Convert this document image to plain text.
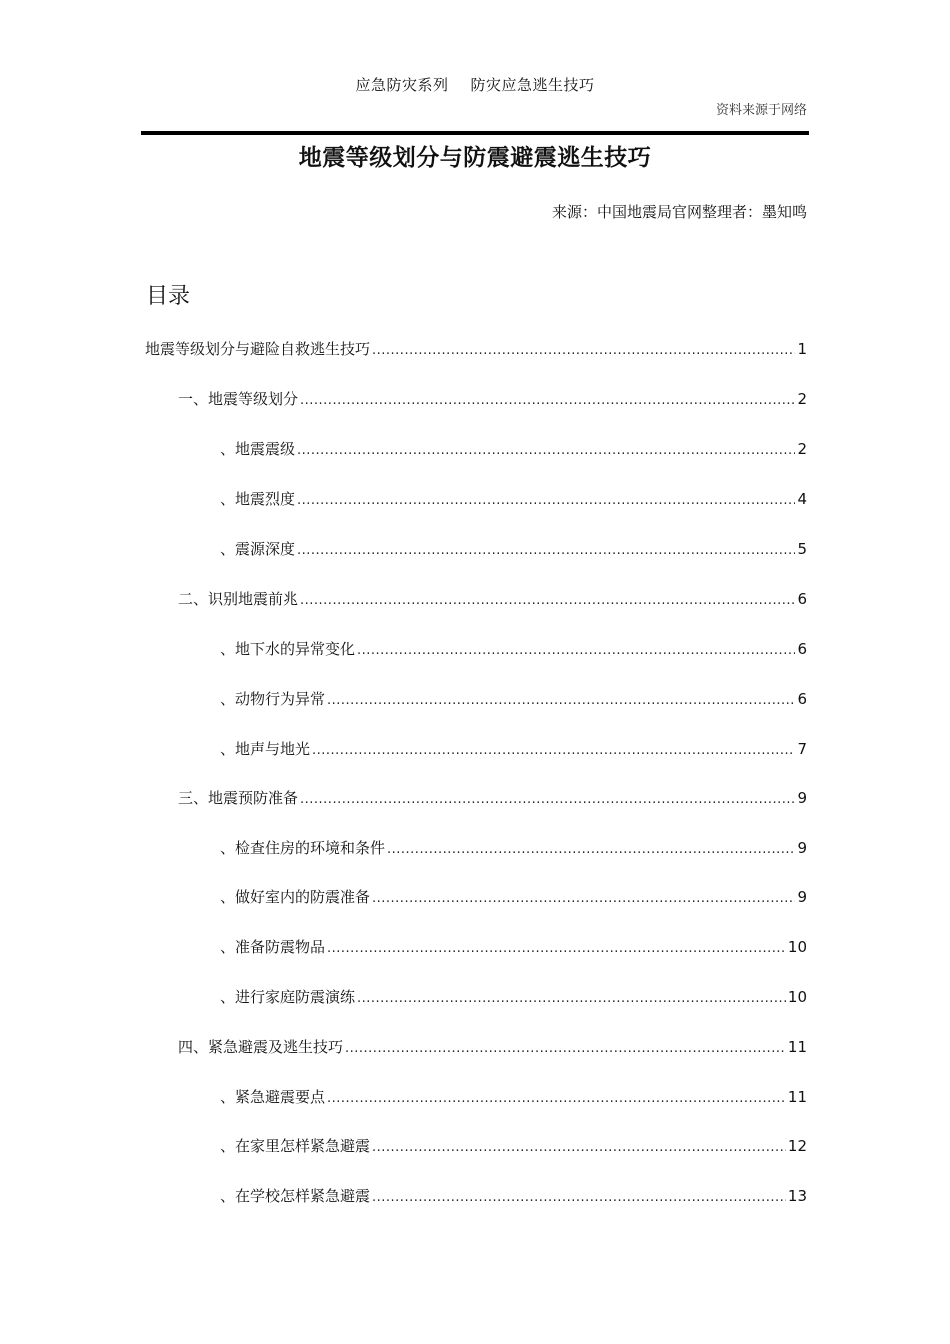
应急防灾系列 防灾应急逃生技巧
资料来源于网络
地震等级划分与防震避震逃生技巧
来源：中国地震局官网整理者：墨知鸣
目录
地震等级划分与避险自救逃生技巧 .....	1
一、地震等级划分 .....	2
、地震震级 .....	2
、地震烈度 .....	4
、震源深度 .....	5
二、识别地震前兆 .....	6
、地下水的异常变化 .....	6
、动物行为异常 .....	6
、地声与地光 .....	7
三、地震预防准备 .....	9
、检查住房的环境和条件 .....	9
、做好室内的防震准备 .....	9
、准备防震物品 .....	10
、进行家庭防震演练 .....	10
四、紧急避震及逃生技巧 .....	11
、紧急避震要点 .....	11
、在家里怎样紧急避震 .....	12
、在学校怎样紧急避震 .....	13
